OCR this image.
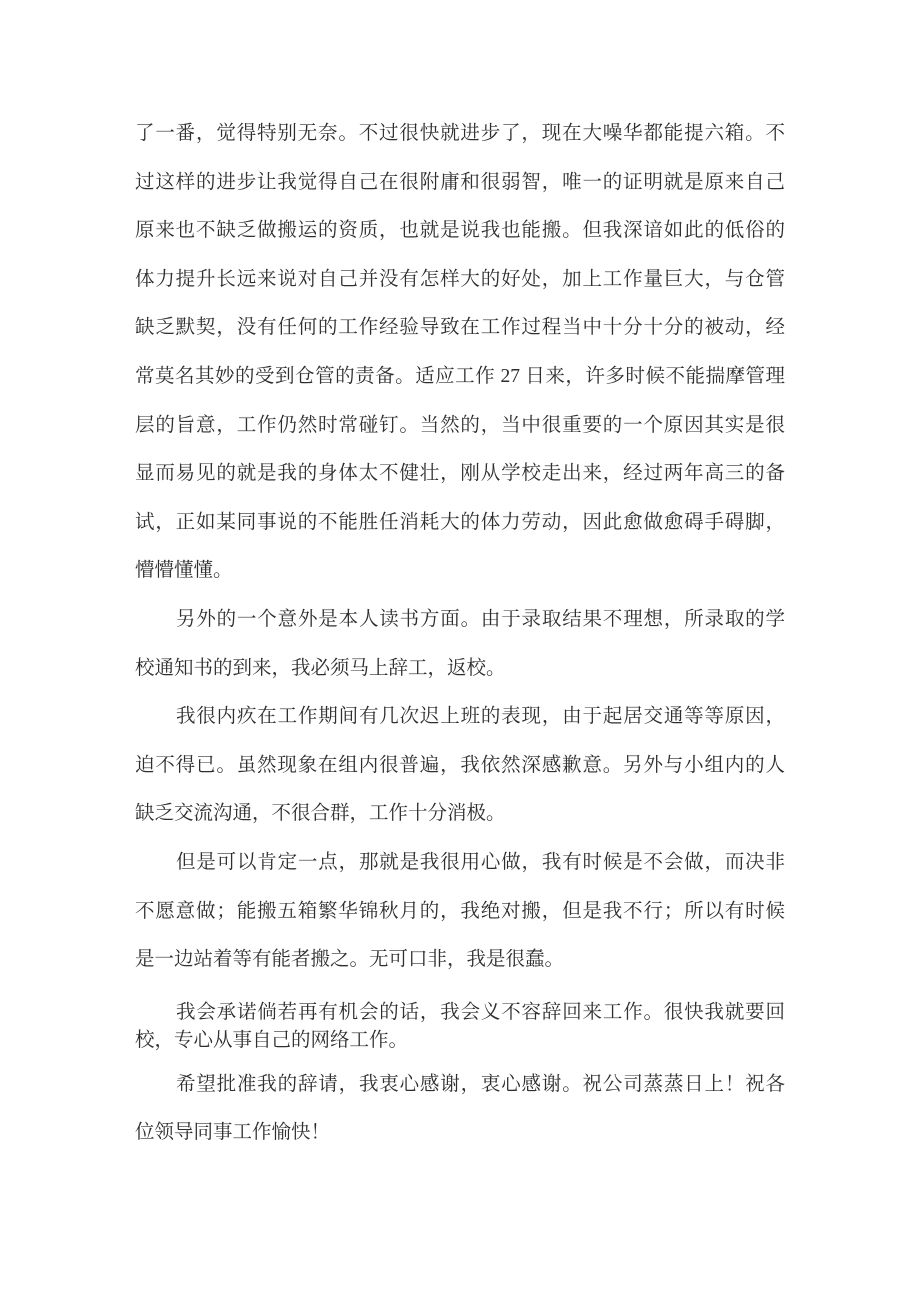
了一番，觉得特别无奈。不过很快就进步了，现在大噪华都能提六箱。不
过这样的进步让我觉得自己在很附庸和很弱智，唯一的证明就是原来自己
原来也不缺乏做搬运的资质，也就是说我也能搬。但我深谙如此的低俗的
体力提升长远来说对自己并没有怎样大的好处，加上工作量巨大，与仓管
缺乏默契，没有任何的工作经验导致在工作过程当中十分十分的被动，经
常莫名其妙的受到仓管的责备。适应工作 27 日来，许多时候不能揣摩管理
层的旨意，工作仍然时常碰钉。当然的，当中很重要的一个原因其实是很
显而易见的就是我的身体太不健壮，刚从学校走出来，经过两年高三的备
试，正如某同事说的不能胜任消耗大的体力劳动，因此愈做愈碍手碍脚，
懵懵懂懂。
另外的一个意外是本人读书方面。由于录取结果不理想，所录取的学
校通知书的到来，我必须马上辞工，返校。
我很内疚在工作期间有几次迟上班的表现，由于起居交通等等原因，
迫不得已。虽然现象在组内很普遍，我依然深感歉意。另外与小组内的人
缺乏交流沟通，不很合群，工作十分消极。
但是可以肯定一点，那就是我很用心做，我有时候是不会做，而决非
不愿意做；能搬五箱繁华锦秋月的，我绝对搬，但是我不行；所以有时候
是一边站着等有能者搬之。无可口非，我是很蠢。
我会承诺倘若再有机会的话，我会义不容辞回来工作。很快我就要回
校，专心从事自己的网络工作。
希望批准我的辞请，我衷心感谢，衷心感谢。祝公司蒸蒸日上！祝各
位领导同事工作愉快！
